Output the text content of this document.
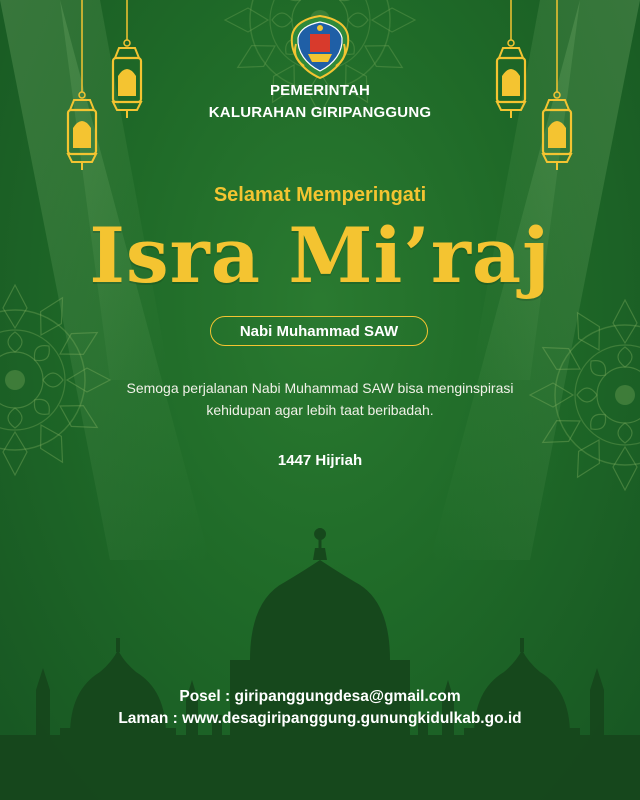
PEMERINTAH
KALURAHAN GIRIPANGGUNG
Selamat Memperingati
Isra Mi’raj
Nabi Muhammad SAW
Semoga perjalanan Nabi Muhammad SAW bisa menginspirasi
kehidupan agar lebih taat beribadah.
1447 Hijriah
Posel : giripanggungdesa@gmail.com
Laman : www.desagiripanggung.gunungkidulkab.go.id
